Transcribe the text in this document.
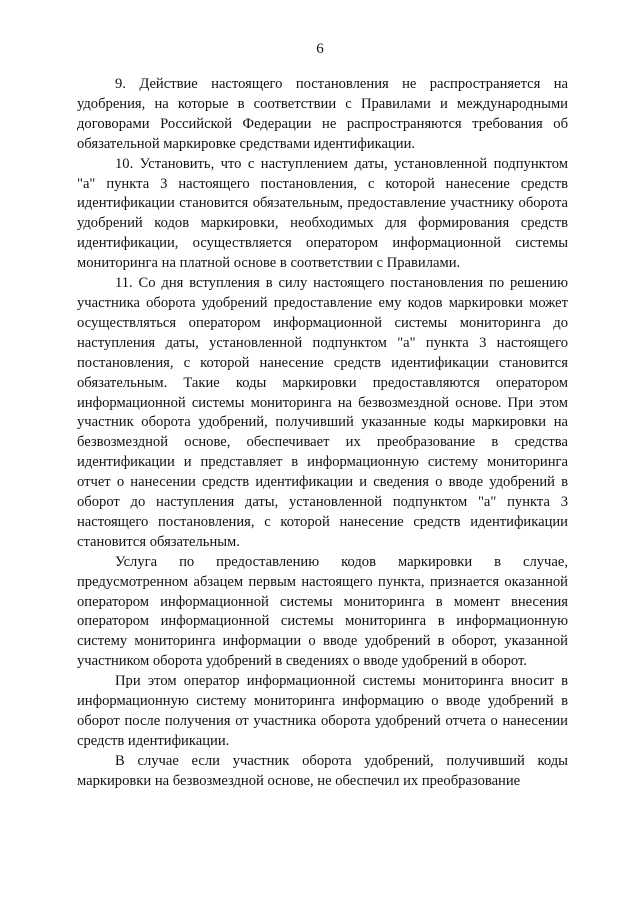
6

9. Действие настоящего постановления не распространяется на удобрения, на которые в соответствии с Правилами и международными договорами Российской Федерации не распространяются требования об обязательной маркировке средствами идентификации.

10. Установить, что с наступлением даты, установленной подпунктом "а" пункта 3 настоящего постановления, с которой нанесение средств идентификации становится обязательным, предоставление участнику оборота удобрений кодов маркировки, необходимых для формирования средств идентификации, осуществляется оператором информационной системы мониторинга на платной основе в соответствии с Правилами.

11. Со дня вступления в силу настоящего постановления по решению участника оборота удобрений предоставление ему кодов маркировки может осуществляться оператором информационной системы мониторинга до наступления даты, установленной подпунктом "а" пункта 3 настоящего постановления, с которой нанесение средств идентификации становится обязательным. Такие коды маркировки предоставляются оператором информационной системы мониторинга на безвозмездной основе. При этом участник оборота удобрений, получивший указанные коды маркировки на безвозмездной основе, обеспечивает их преобразование в средства идентификации и представляет в информационную систему мониторинга отчет о нанесении средств идентификации и сведения о вводе удобрений в оборот до наступления даты, установленной подпунктом "а" пункта 3 настоящего постановления, с которой нанесение средств идентификации становится обязательным.

Услуга по предоставлению кодов маркировки в случае, предусмотренном абзацем первым настоящего пункта, признается оказанной оператором информационной системы мониторинга в момент внесения оператором информационной системы мониторинга в информационную систему мониторинга информации о вводе удобрений в оборот, указанной участником оборота удобрений в сведениях о вводе удобрений в оборот.

При этом оператор информационной системы мониторинга вносит в информационную систему мониторинга информацию о вводе удобрений в оборот после получения от участника оборота удобрений отчета о нанесении средств идентификации.

В случае если участник оборота удобрений, получивший коды маркировки на безвозмездной основе, не обеспечил их преобразование
